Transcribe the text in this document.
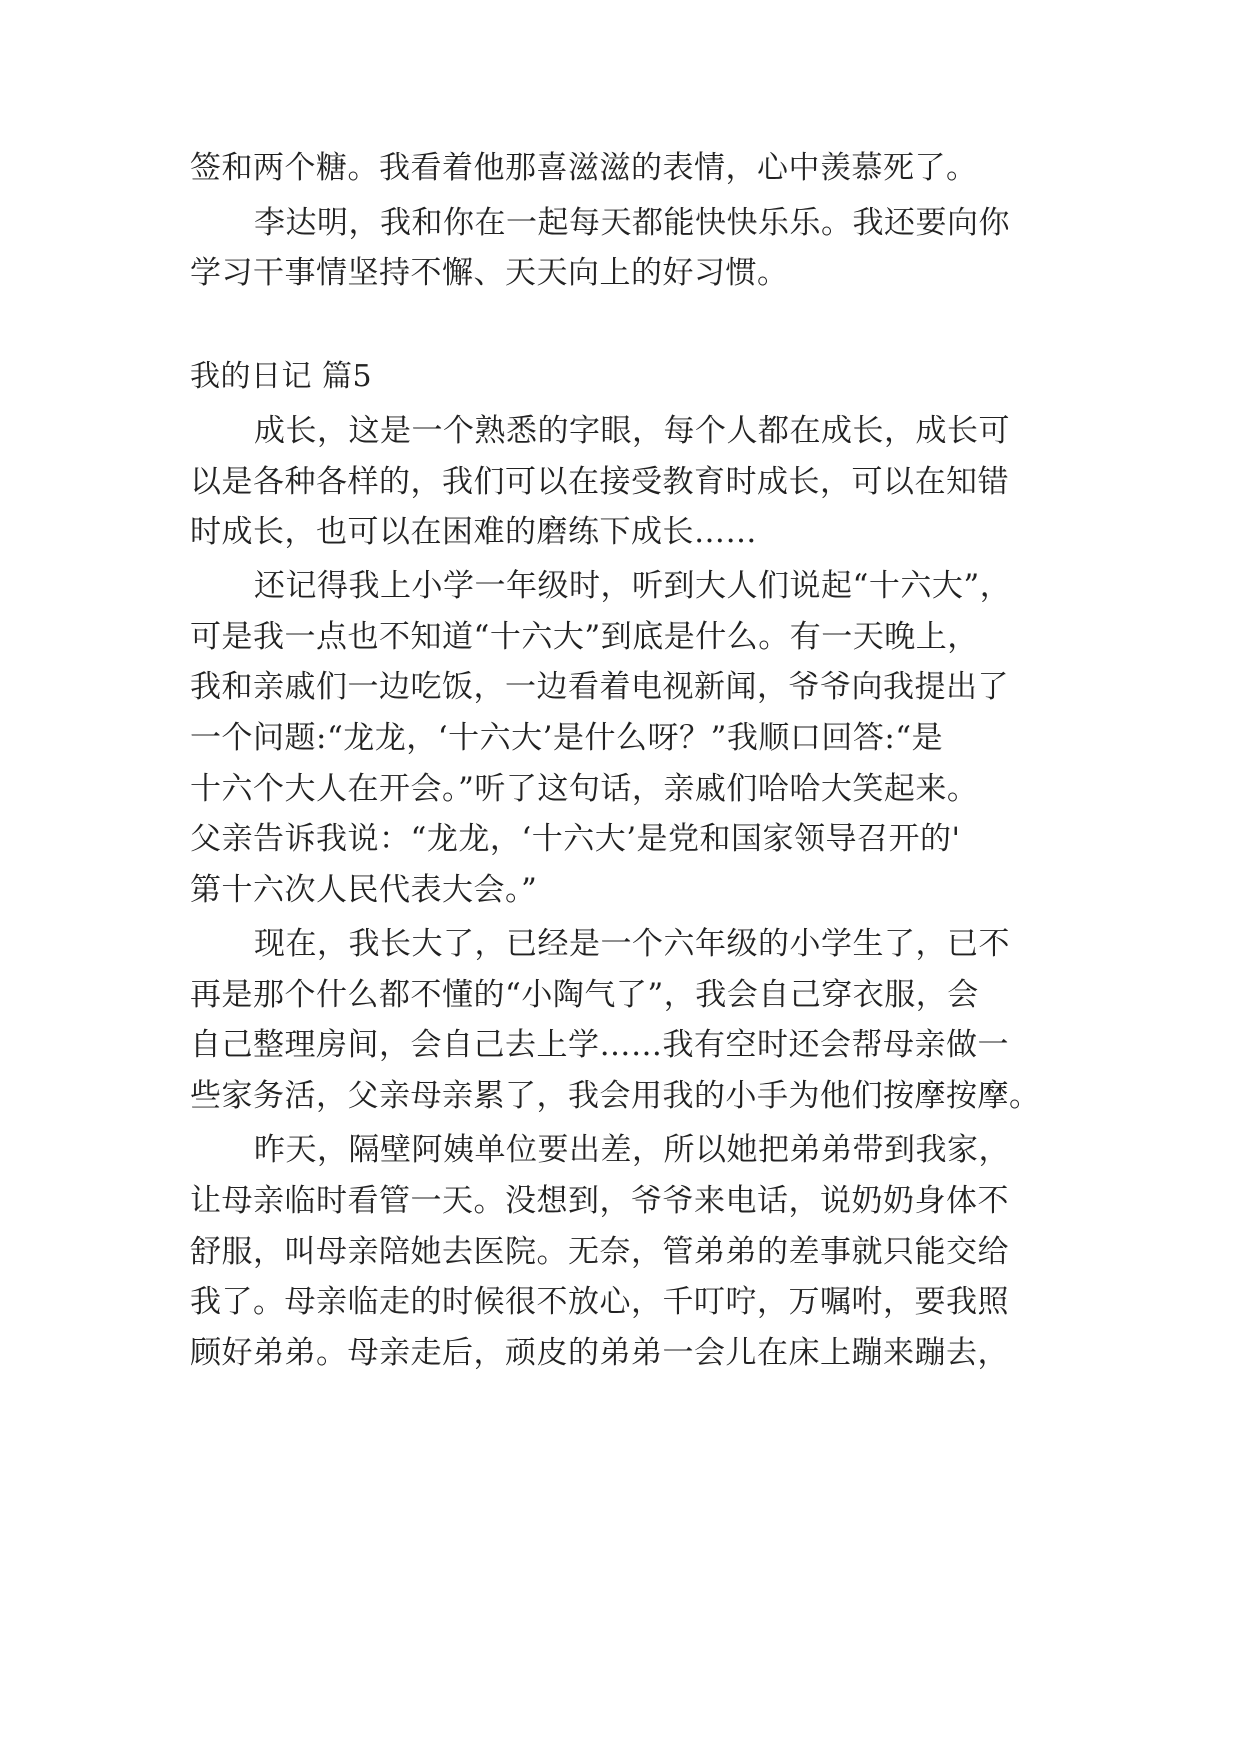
签和两个糖。我看着他那喜滋滋的表情，心中羡慕死了。
李达明，我和你在一起每天都能快快乐乐。我还要向你
学习干事情坚持不懈、天天向上的好习惯。
我的日记 篇5
成长，这是一个熟悉的字眼，每个人都在成长，成长可
以是各种各样的，我们可以在接受教育时成长，可以在知错
时成长，也可以在困难的磨练下成长……
还记得我上小学一年级时，听到大人们说起“十六大”，
可是我一点也不知道“十六大”到底是什么。有一天晚上，
我和亲戚们一边吃饭，一边看着电视新闻，爷爷向我提出了
一个问题:“龙龙，‘十六大’是什么呀？”我顺口回答:“是
十六个大人在开会。”听了这句话，亲戚们哈哈大笑起来。
父亲告诉我说：“龙龙，‘十六大’是党和国家领导召开的'
第十六次人民代表大会。”
现在，我长大了，已经是一个六年级的小学生了，已不
再是那个什么都不懂的“小陶气了”，我会自己穿衣服，会
自己整理房间，会自己去上学……我有空时还会帮母亲做一
些家务活，父亲母亲累了，我会用我的小手为他们按摩按摩。
昨天，隔壁阿姨单位要出差，所以她把弟弟带到我家，
让母亲临时看管一天。没想到，爷爷来电话，说奶奶身体不
舒服，叫母亲陪她去医院。无奈，管弟弟的差事就只能交给
我了。母亲临走的时候很不放心，千叮咛，万嘱咐，要我照
顾好弟弟。母亲走后，顽皮的弟弟一会儿在床上蹦来蹦去，
